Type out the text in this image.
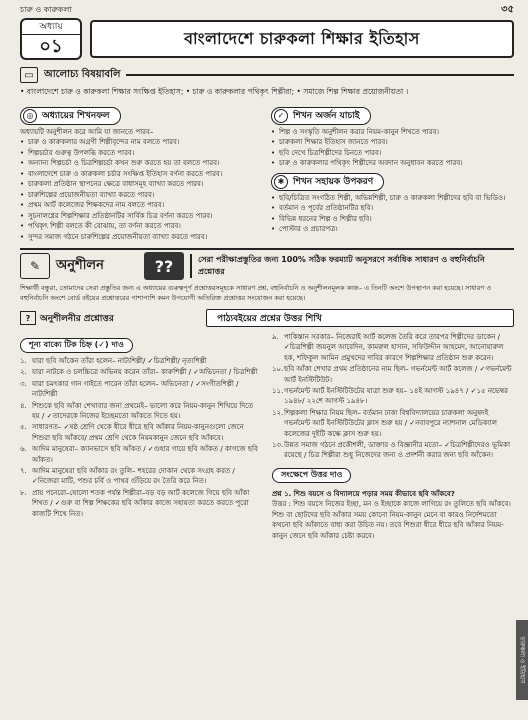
চারু ও কারুকলা	৩৫
অধ্যায়
০১	বাংলাদেশে চারুকলা শিক্ষার ইতিহাস
▭	আলোচ্য বিষয়াবলি
• বাংলাদেশে চারু ও কারুকলা শিক্ষার সংক্ষিপ্ত ইতিহাস; • চারু ও কারুকলার পথিকৃৎ শিল্পীরা; • সমাজে শিল্প শিক্ষার প্রয়োজনীয়তা ।
◎ অধ্যায়ের শিখনফল
অধ্যায়টি অনুশীলন করে আমি যা জানতে পারব–
• চারু ও কারুকলার অগ্রণী শিল্পীবৃন্দের নাম বলতে পারব।
• শিল্পচর্চার গুরুত্ব উপলব্ধি করতে পারব।
• অন্যান্য শিল্পচর্চা ও চিত্রশিল্পচর্চা কখন শুরু করতে হয় তা বলতে পারব।
• বাংলাদেশে চারু ও কারুকলা চর্চার সংক্ষিপ্ত ইতিহাস বর্ণনা করতে পারব।
• চারুকলা প্রতিষ্ঠান স্থাপনের ক্ষেত্রে বাধাসমূহ ব্যাখ্যা করতে পারব।
• চারুশিল্পের প্রয়োজনীয়তা ব্যাখ্যা করতে পারব।
• প্রথম আর্ট কলেজের শিক্ষকদের নাম বলতে পারব।
• সুচনালগ্নের শিল্পশিক্ষার প্রতিষ্ঠানটির সার্বিক চিত্র বর্ণনা করতে পারব।
• পথিকৃৎ শিল্পী বলতে কী বোঝায়, তা বর্ণনা করতে পারব।
• সুন্দর সমাজ গঠনে চারুশিল্পের প্রয়োজনীয়তা ব্যাখ্যা করতে পারব।
✓ শিখন অর্জন যাচাই
• শিল্প ও সংস্কৃতি অনুশীলন করার নিয়ম-কানুন শিখতে পারব।
• চারুকলা শিক্ষার ইতিহাস জানতে পারব।
• ছবি দেখে চিত্রশিল্পীদের চিনতে পারব।
• চারু ও কারুকলার পথিকৃৎ শিল্পীদের অবদান অনুধাবন করতে পারব।
✱ শিখন সহায়ক উপকরণ
• ছবি/চিত্রিত সংগঠিত শিল্পী, অভিন্নশিল্পী, চারু ও কারুকলা শিল্পীদের ছবি বা ভিডিও।
• বর্তমান ও পূর্বের প্রতিষ্ঠানটির ছবি।
• বিভিন্ন ধরনের শিল্প ও শিল্পীর ছবি।
• পোস্টার ও প্রচারপত্র।
✎	অনুশীলন	??	সেরা পরীক্ষাপ্রস্তুতির জন্য 100% সঠিক ফরম্যাট অনুসরণে সর্বাধিক সাধারণ ও বহুনির্বাচনি প্রশ্নোত্তর
শিক্ষার্থী বন্ধুরা, তোমাদের সেরা প্রস্তুতির জন্য এ অধ্যায়ের গুরুত্বপূর্ণ প্রশ্নোত্তরসমূহকে সাধারণ প্রশ্ন, বহুনির্বাচনি ও অনুশীলনমূলক কাজ– এ তিনটি অংশে উপস্থাপন করা হয়েছে। সাধারণ ও বহুনির্বাচনি অংশে বোর্ড বইয়ের প্রশ্নোত্তরের পাশাপাশি কমন উপযোগী অতিরিক্ত প্রশ্নোত্তর সংযোজন করা হয়েছে।
?	অনুশীলনীর প্রশ্নোত্তর	পাঠ্যবইয়ের প্রশ্নের উত্তর শিখি
শূন্য বাক্যে টিক চিহ্ন (✓) দাও
১. যারা ছবি আঁকেন তাঁরা হলেন– নাট্যশিল্পী/ ✓চিত্রশিল্পী/ নৃত্যশিল্পী
২. যারা নাটকে ও চলচ্চিত্রে অভিনয় করেন তাঁরা– কারুশিল্পী / ✓অভিনেতা / চিত্রশিল্পী
৩. যারা চমৎকার গান গাইতে পারেন তাঁরা হলেন– অভিনেতা / ✓সংগীতশিল্পী / নাট্যশিল্পী
৪. শিশুকে ছবি আঁকা শেখাবার জন্য প্রথমেই– ভালো করে নিয়ম-কানুন শিখিয়ে দিতে হয় / ✓তাদেরকে নিজের ইচ্ছেমতো আঁকতে দিতে হয়।
৫. সাধারণত– ✓ষষ্ঠ শ্রেণি থেকে ধীরে ধীরে ছবি আঁকার নিয়ম-কানুনগুলো জেনে শিশুরা ছবি আঁকবে/ প্রথম শ্রেণি থেকে নিয়মকানুন জেনে ছবি আঁকবে।
৬. আদিম মানুষেরা– ক্যানভাসে ছবি আঁকত / ✓গুহার গায়ে ছবি আঁকত / কাগজে ছবি আঁকত।
৭. আদিম মানুষেরা ছবি আঁকার রং তুলি– শহরের দোকান থেকে সংগ্রহ করত / ✓নিজেরা মাটি, পশুর চর্বি ও পাথর গুঁড়িয়ে রং তৈরি করে নিত।
৮. প্রায় পনেরো–ষোলো শতক পর্যন্ত শিল্পীরা–বড় বড় আর্ট কলেজে গিয়ে ছবি আঁকা শিখত / ✓গুরু বা শিল্প শিক্ষকের ছবি আঁকার কাজে সহায়তা করতে করতে পুরো কাজটি শিখে নিত।
৯. পাকিস্তান সরকার– নিজেরাই আর্ট কলেজ তৈরি করে তারপর শিল্পীদের ডাকেন / ✓চিত্রশিল্পী জয়নুল আবেদিন, কামরুল হাসান, সফিউদ্দীন আহমেদ, আনোয়ারুল হক, শফিকুল আমিন প্রমুখদের দাবির কারণে শিল্পশিক্ষার প্রতিষ্ঠান শুরু করেন।
১০. ছবি আঁকা শেখার প্রথম প্রতিষ্ঠানের নাম ছিল– গভর্নমেন্ট আর্ট কলেজ / ✓গভর্নমেন্ট আর্ট ইনস্টিটিউট।
১১. গভর্নমেন্ট আর্ট ইনস্টিটিউটের যাত্রা শুরু হয়– ১৪ই আগস্ট ১৯৪৭ / ✓১৫ নভেম্বর ১৯৪৮/ ২২শে আগস্ট ১৯৪৮।
১২. শিল্পকলা শিক্ষার নিয়ম ছিল– বর্তমান ঢাকা বিশ্ববিদ্যালয়ের চারুকলা অনুষদই গভর্নমেন্ট আর্ট ইনস্টিটিউটের ক্লাস শুরু হয় / ✓নবাবপুরে ন্যাশনাল মেডিক্যাল কলেজের দুইটি কক্ষে ক্লাস শুরু হয়।
১৩. উন্নত সমাজ গঠনে প্রকৌশলী, ডাক্তার ও বিজ্ঞানীর মতো– ✓চিত্রশিল্পীদেরও ভূমিকা রয়েছে / চিত্র শিল্পীরা শুধু নিজেদের জন্য ও প্রদর্শনী করার জন্য ছবি আঁকেন।
সংক্ষেপে উত্তর দাও
প্রশ্ন ১. শিশু বয়সে ও বিদ্যালয়ে পড়ার সময় কীভাবে ছবি আঁকবে?
উত্তর : শিশু বয়সে নিজের ইচ্ছা, মন ও ইচ্ছাকে কাজে লাগিয়ে রং তুলিতে ছবি আঁকবে। শিশু বা ছোটদের ছবি আঁকার সময় কোনো নিয়ম-কানুন মেনে বা কারও নির্দেশমতো কখনো ছবি আঁকাতে বাধ্য করা উচিত নয়। তবে শিশুরা ধীরে ধীরে ছবি আঁকার নিয়ম-কানুন জেনে ছবি আঁকার চেষ্টা করবে।
চারুকলা ও ইতিহাস
